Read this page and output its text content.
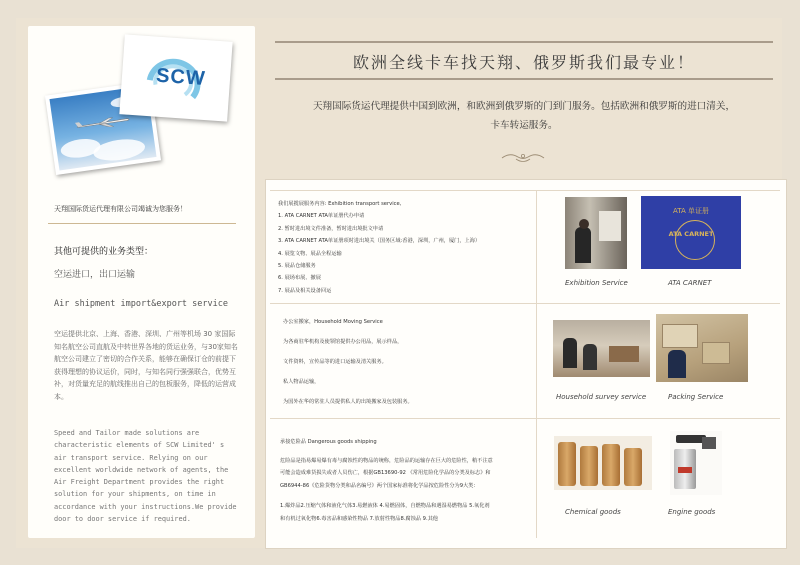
SCW
天翔国际货运代理有限公司竭诚为您服务！
其他可提供的业务类型：
空运进口，出口运输
Air shipment import&export service
空运提供北京、上海、香港、深圳、广州等机场 30 家国际知名航空公司直航及中转世界各地的货运业务，与30家知名航空公司建立了密切的合作关系，能够在确保订仓的前提下获得理想的协议运价，同时，与知名同行强强联合，优势互补，对货量充足的航线推出自己的包板服务，降低的运营成本。
Speed and Tailor made solutions are characteristic elements of SCW Limited' s air transport service. Relying on our excellent worldwide network of agents, the Air Freight Department provides the right solution for your shipments, on time in accordance with your instructions.We provide door to door service if required.
欧洲全线卡车找天翔、俄罗斯我们最专业！
天翔国际货运代理提供中国到欧洲，和欧洲到俄罗斯的门到门服务。包括欧洲和俄罗斯的进口清关，
卡车转运服务。
我们展揽展服务内容: Exhibition transport service,
1. ATA CARNET ATA单证册代办申请
2. 暂时进出境文件准备，暂时进出境批文申请
3. ATA CARNET ATA单证册项时进出境关（国务区域:香港，深圳，广州，厦门，上海）
4. 展览文物、展品全程运输
5. 展品仓储服务
6. 展场布展、撤展
7. 展品及相关设备回运
ATA 单证册
ATA CARNET
Exhibition Service	ATA CARNET
办公室搬家，Household Moving Service
为各商驻华机构及使领馆提供办公用品，展示样品，
文件资料，宣传品等的进口运输及清关服务。
私人物品运输，
为国外在华的常驻人员提供私人的出境搬家及包装服务。
Household survey service	Packing Service
承接危险品 Dangerous goods shipping
危险品是指易爆易爆有毒与腐蚀性的物品的统称，危险品的运输存在巨大的危险性，稍不注意
可能会造成难货损失或者人员伤亡，根据GB13690-92 《常用危险化学品的分类及标志》和
GB6944-86《危险货物分类和品名编号》两个国家标准将化学品按危险性分为9大类：
1.爆炸品2.压缩气体和液化气体3.易燃液体 4.易燃固体，自燃物品和遇湿易燃物品 5.氧化剂
和有机过氧化物6.毒害品和感染性物品 7.放射性物品8.腐蚀品 9.其他
Chemical goods	Engine goods
